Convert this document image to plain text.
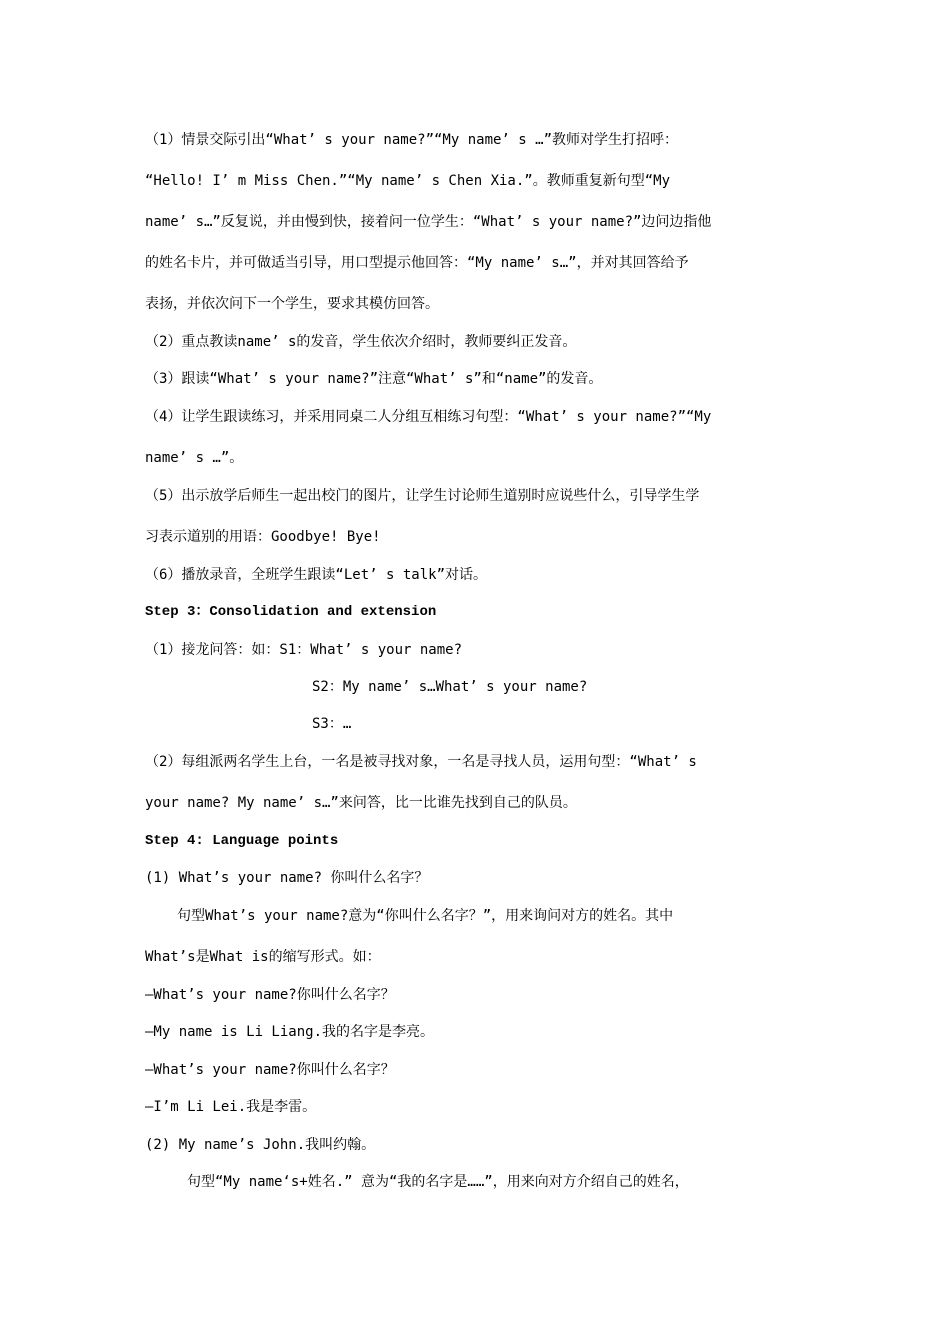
（1）情景交际引出“What’ s your name?”“My name’ s …”教师对学生打招呼：
“Hello! I’ m Miss Chen.”“My name’ s Chen Xia.”。教师重复新句型“My
name’ s…”反复说，并由慢到快，接着问一位学生：“What’ s your name?”边问边指他
的姓名卡片，并可做适当引导，用口型提示他回答：“My name’ s…”，并对其回答给予
表扬，并依次问下一个学生，要求其模仿回答。
（2）重点教读name’ s的发音，学生依次介绍时，教师要纠正发音。
（3）跟读“What’ s your name?”注意“What’ s”和“name”的发音。
（4）让学生跟读练习，并采用同桌二人分组互相练习句型：“What’ s your name?”“My
name’ s …”。
（5）出示放学后师生一起出校门的图片，让学生讨论师生道别时应说些什么，引导学生学
习表示道别的用语：Goodbye! Bye!
（6）播放录音，全班学生跟读“Let’ s talk”对话。
Step 3：Consolidation and extension
（1）接龙问答：如：S1：What’ s your name?
S2：My name’ s…What’ s your name?
S3：…
（2）每组派两名学生上台，一名是被寻找对象，一名是寻找人员，运用句型：“What’ s
your name? My name’ s…”来问答，比一比谁先找到自己的队员。
Step 4: Language points
(1) What’s your name? 你叫什么名字？
句型What’s your name?意为“你叫什么名字？”，用来询问对方的姓名。其中
What’s是What is的缩写形式。如：
—What’s your name?你叫什么名字？
—My name is Li Liang.我的名字是李亮。
—What’s your name?你叫什么名字？
—I’m Li Lei.我是李雷。
(2) My name’s John.我叫约翰。
句型“My name‘s+姓名.” 意为“我的名字是……”，用来向对方介绍自己的姓名，
